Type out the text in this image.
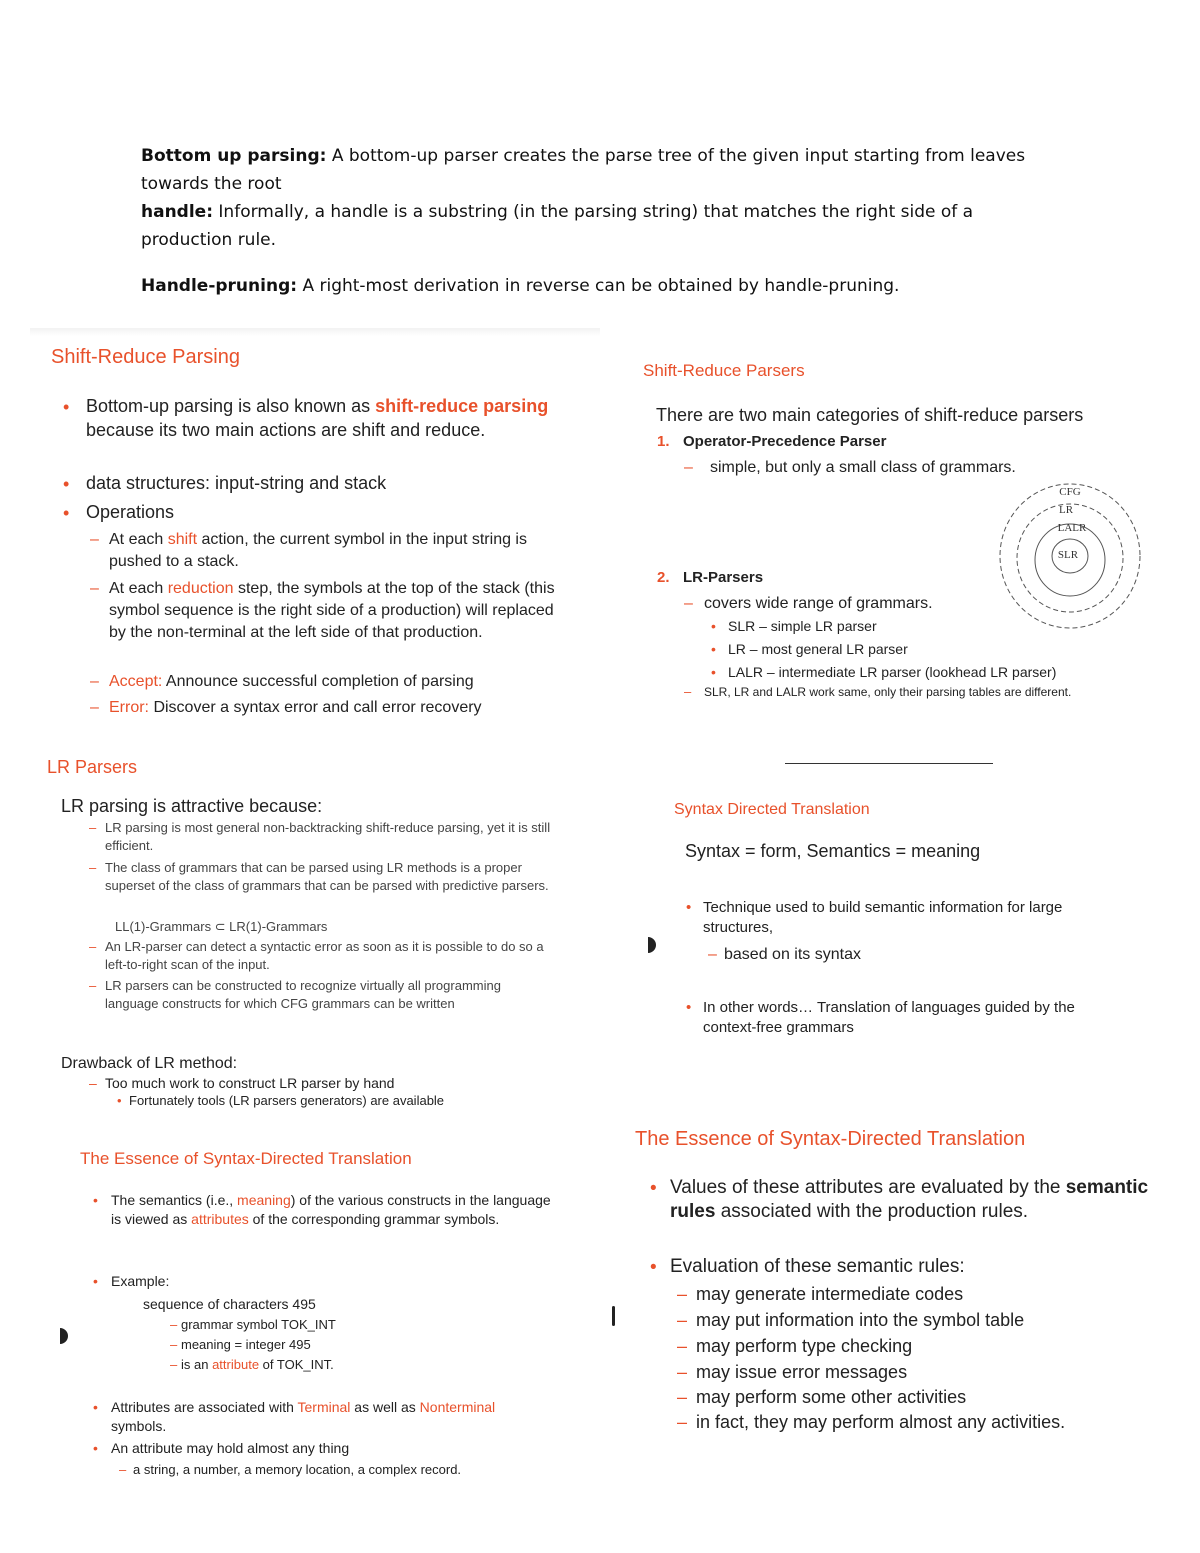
Bottom up parsing: A bottom-up parser creates the parse tree of the given input starting from leaves towards the root
handle: Informally, a handle is a substring (in the parsing string) that matches the right side of a production rule.
Handle-pruning: A right-most derivation in reverse can be obtained by handle-pruning.
Shift-Reduce Parsing
• Bottom-up parsing is also known as shift-reduce parsing because its two main actions are shift and reduce.
• data structures: input-string and stack
• Operations
– At each shift action, the current symbol in the input string is pushed to a stack.
– At each reduction step, the symbols at the top of the stack (this symbol sequence is the right side of a production) will replaced by the non-terminal at the left side of that production.
– Accept: Announce successful completion of parsing
– Error: Discover a syntax error and call error recovery
LR Parsers
LR parsing is attractive because:
– LR parsing is most general non-backtracking shift-reduce parsing, yet it is still efficient.
– The class of grammars that can be parsed using LR methods is a proper superset of the class of grammars that can be parsed with predictive parsers.
LL(1)-Grammars ⊂ LR(1)-Grammars
– An LR-parser can detect a syntactic error as soon as it is possible to do so a left-to-right scan of the input.
– LR parsers can be constructed to recognize virtually all programming language constructs for which CFG grammars can be written
Drawback of LR method:
– Too much work to construct LR parser by hand
• Fortunately tools (LR parsers generators) are available
The Essence of Syntax-Directed Translation
• The semantics (i.e., meaning) of the various constructs in the language is viewed as attributes of the corresponding grammar symbols.
• Example:
sequence of characters 495
– grammar symbol TOK_INT
– meaning = integer 495
– is an attribute of TOK_INT.
• Attributes are associated with Terminal as well as Nonterminal symbols.
• An attribute may hold almost any thing
– a string, a number, a memory location, a complex record.
Shift-Reduce Parsers
There are two main categories of shift-reduce parsers
1. Operator-Precedence Parser
– simple, but only a small class of grammars.
CFG
LR
LALR
SLR
2. LR-Parsers
– covers wide range of grammars.
• SLR – simple LR parser
• LR – most general LR parser
• LALR – intermediate LR parser (lookhead LR parser)
– SLR, LR and LALR work same, only their parsing tables are different.
Syntax Directed Translation
Syntax = form, Semantics = meaning
• Technique used to build semantic information for large structures,
– based on its syntax
• In other words… Translation of languages guided by the context-free grammars
The Essence of Syntax-Directed Translation
• Values of these attributes are evaluated by the semantic rules associated with the production rules.
• Evaluation of these semantic rules:
– may generate intermediate codes
– may put information into the symbol table
– may perform type checking
– may issue error messages
– may perform some other activities
– in fact, they may perform almost any activities.
